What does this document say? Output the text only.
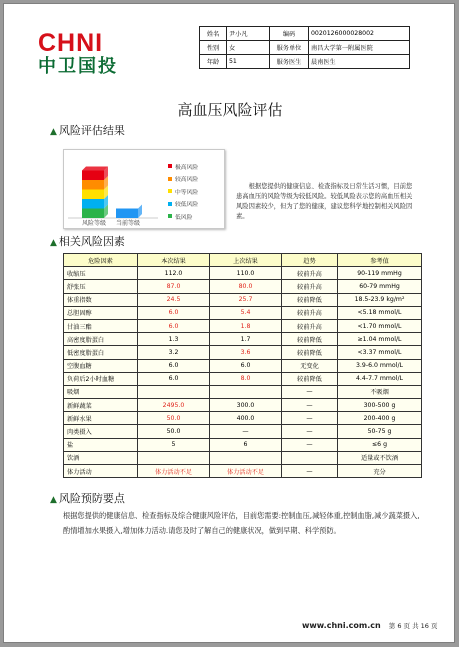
CHNI
中卫国投
姓名	尹小凡	编码	0020126000028002
性别	女	服务单位	南昌大学第一附属医院
年龄	51	服务医生	晨南医生
高血压风险评估
▲ 风险评估结果
风险等级 当前等级
极高风险
较高风险
中等风险
较低风险
低风险
根据您提供的健康信息、检查指标及日常生活习惯，目前您患高血压的风险等级为较低风险。较低风险表示您的高血压相关风险因素较少，但为了您的健康，建议您科学地控制相关风险因素。
▲ 相关风险因素
危险因素	本次结果	上次结果	趋势	参考值
收缩压	112.0	110.0	较前升高	90-119 mmHg
舒张压	87.0	80.0	较前升高	60-79 mmHg
体重指数	24.5	25.7	较前降低	18.5-23.9 kg/m²
总胆固醇	6.0	5.4	较前升高	<5.18 mmol/L
甘油三酯	6.0	1.8	较前升高	<1.70 mmol/L
高密度脂蛋白	1.3	1.7	较前降低	≥1.04 mmol/L
低密度脂蛋白	3.2	3.6	较前降低	<3.37 mmol/L
空腹血糖	6.0	6.0	无变化	3.9-6.0 mmol/L
负荷后2小时血糖	6.0	8.0	较前降低	4.4-7.7 mmol/L
吸烟			—	不吸烟
新鲜蔬菜	2495.0	300.0	—	300-500 g
新鲜水果	50.0	400.0	—	200-400 g
肉类摄入	50.0	—	—	50-75 g
盐	5	6	—	≤6 g
饮酒				适量或不饮酒
体力活动	体力活动不足	体力活动不足	—	充分
▲ 风险预防要点
根据您提供的健康信息、检查指标及综合健康风险评估，目前您需要:控制血压,减轻体重,控制血脂,减少蔬菜摄入,酌情增加水果摄入,增加体力活动.请您及时了解自己的健康状况，做到早期、科学预防。
www.chni.com.cn 第 6 页 共 16 页
